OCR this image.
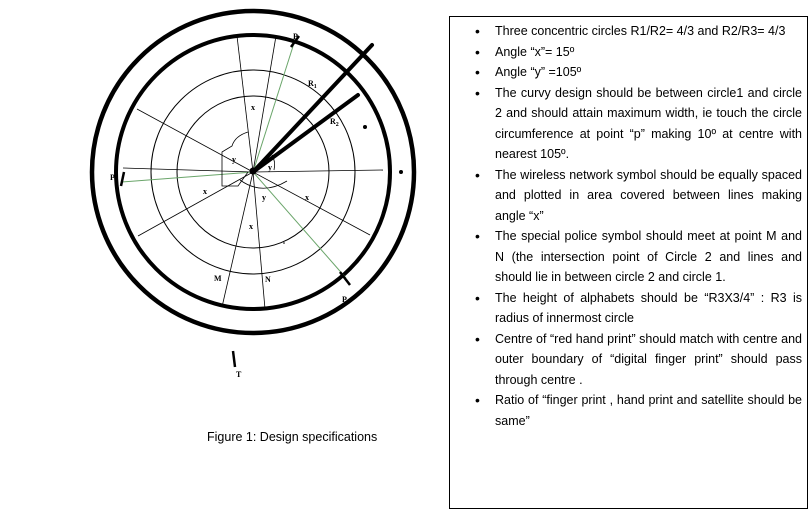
P
P
P
$R_1$
$R_2$
x
x
x
x
y
y
y
M	N
T
Figure 1: Design specifications
• Three concentric circles R1/R2= 4/3 and R2/R3= 4/3
• Angle “x”= 15º
• Angle “y” =105º
• The curvy design should be between circle1 and circle 2 and should attain maximum width, ie touch the circle circumference at point “p” making 10º at centre with nearest 105º.
• The wireless network symbol should be equally spaced and plotted in area covered between lines making angle “x”
• The special police symbol should meet at point M and N (the intersection point of Circle 2 and lines and should lie in between circle 2 and circle 1.
• The height of alphabets should be “R3X3/4” : R3 is radius of innermost circle
• Centre of “red hand print” should match with centre and outer boundary of “digital finger print” should pass through centre .
• Ratio of “finger print , hand print and satellite should be same”
